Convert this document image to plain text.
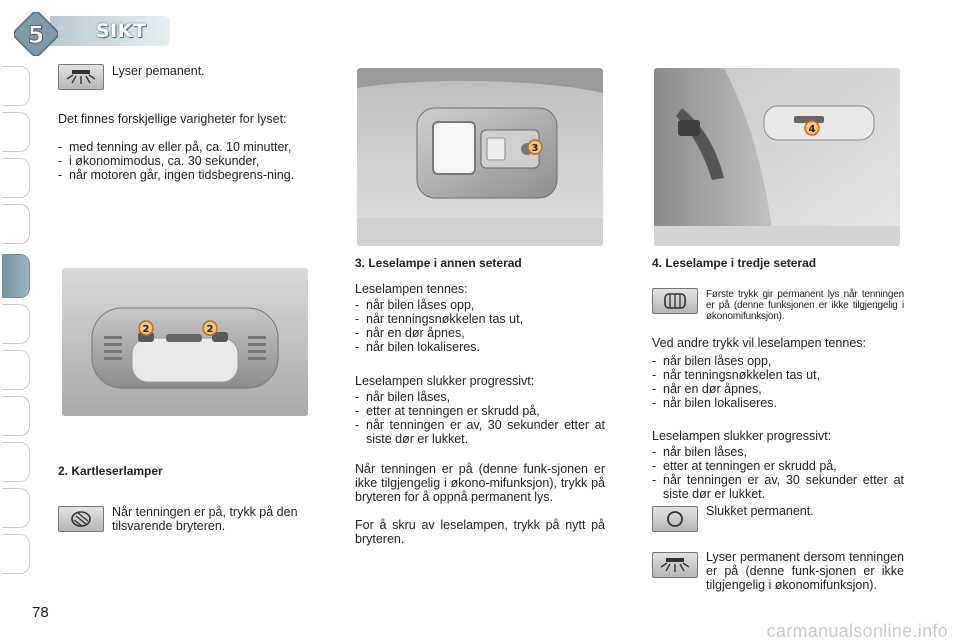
5	SIKT
Lyser pemanent.
Det finnes forskjellige varigheter for lyset:
- med tenning av eller på, ca. 10 minutter,
- i økonomimodus, ca. 30 sekunder,
- når motoren går, ingen tidsbegrens-ning.
2	2
2. Kartleserlamper
Når tenningen er på, trykk på den tilsvarende bryteren.
3
3. Leselampe i annen seterad
Leselampen tennes:
- når bilen låses opp,
- når tenningsnøkkelen tas ut,
- når en dør åpnes,
- når bilen lokaliseres.
Leselampen slukker progressivt:
- når bilen låses,
- etter at tenningen er skrudd på,
- når tenningen er av, 30 sekunder etter at siste dør er lukket.
Når tenningen er på (denne funk-sjonen er ikke tilgjengelig i økono-mifunksjon), trykk på bryteren for å oppnå permanent lys.
For å skru av leselampen, trykk på nytt på bryteren.
4
4. Leselampe i tredje seterad
Første trykk gir permanent lys når tenningen er på (denne funksjonen er ikke tilgjengelig i økonomifunksjon).
Ved andre trykk vil leselampen tennes:
- når bilen låses opp,
- når tenningsnøkkelen tas ut,
- når en dør åpnes,
- når bilen lokaliseres.
Leselampen slukker progressivt:
- når bilen låses,
- etter at tenningen er skrudd på,
- når tenningen er av, 30 sekunder etter at siste dør er lukket.
Slukket permanent.
Lyser permanent dersom tenningen er på (denne funk-sjonen er ikke tilgjengelig i økonomifunksjon).
78
carmanualsonline.info
